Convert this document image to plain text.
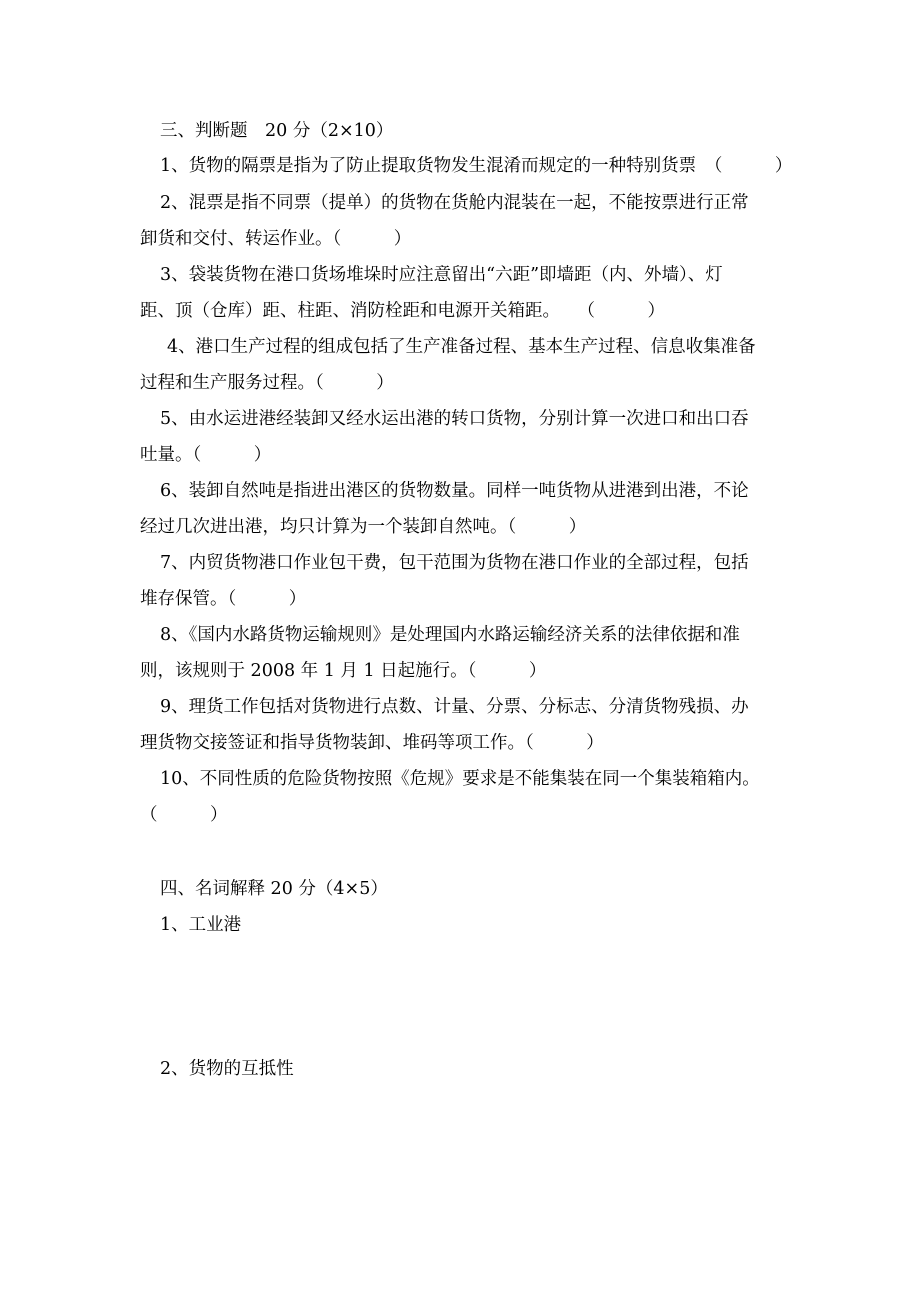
三、判断题　20 分（2×10）
1、货物的隔票是指为了防止提取货物发生混淆而规定的一种特别货票　（　　　）
2、混票是指不同票（提单）的货物在货舱内混装在一起，不能按票进行正常
卸货和交付、转运作业。（　　　）
3、袋装货物在港口货场堆垛时应注意留出“六距”即墙距（内、外墙）、灯
距、顶（仓库）距、柱距、消防栓距和电源开关箱距。　　（　　　）
4、港口生产过程的组成包括了生产准备过程、基本生产过程、信息收集准备
过程和生产服务过程。（　　　）
5、由水运进港经装卸又经水运出港的转口货物，分别计算一次进口和出口吞
吐量。（　　　）
6、装卸自然吨是指进出港区的货物数量。同样一吨货物从进港到出港，不论
经过几次进出港，均只计算为一个装卸自然吨。（　　　）
7、内贸货物港口作业包干费，包干范围为货物在港口作业的全部过程，包括
堆存保管。（　　　）
8、《国内水路货物运输规则》是处理国内水路运输经济关系的法律依据和准
则，该规则于 2008 年 1 月 1 日起施行。（　　　）
9、理货工作包括对货物进行点数、计量、分票、分标志、分清货物残损、办
理货物交接签证和指导货物装卸、堆码等项工作。（　　　）
10、不同性质的危险货物按照《危规》要求是不能集装在同一个集装箱箱内。
（　　　）
四、名词解释 20 分（4×5）
1、工业港
2、货物的互抵性
